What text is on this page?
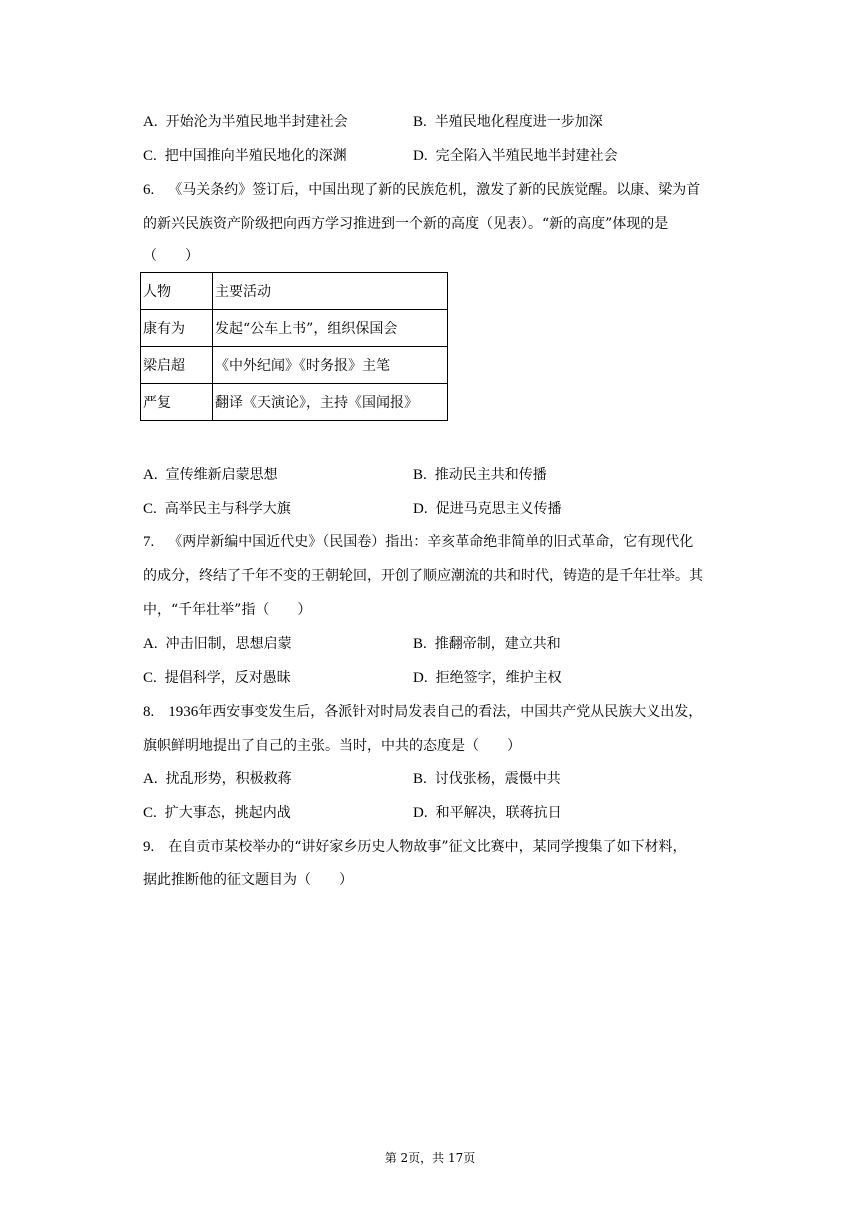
A. 开始沦为半殖民地半封建社会	B. 半殖民地化程度进一步加深
C. 把中国推向半殖民地化的深渊	D. 完全陷入半殖民地半封建社会
6. 《马关条约》签订后，中国出现了新的民族危机，激发了新的民族觉醒。以康、梁为首
的新兴民族资产阶级把向西方学习推进到一个新的高度（见表）。“新的高度”体现的是
（　　）
人物	主要活动
康有为	发起“公车上书”，组织保国会
梁启超	《中外纪闻》《时务报》主笔
严复	翻译《天演论》，主持《国闻报》
A. 宣传维新启蒙思想	B. 推动民主共和传播
C. 高举民主与科学大旗	D. 促进马克思主义传播
7. 《两岸新编中国近代史》（民国卷）指出：辛亥革命绝非简单的旧式革命，它有现代化
的成分，终结了千年不变的王朝轮回，开创了顺应潮流的共和时代，铸造的是千年壮举。其
中，“千年壮举”指（　　）
A. 冲击旧制，思想启蒙	B. 推翻帝制，建立共和
C. 提倡科学，反对愚昧	D. 拒绝签字，维护主权
8. 1936年西安事变发生后，各派针对时局发表自己的看法，中国共产党从民族大义出发，
旗帜鲜明地提出了自己的主张。当时，中共的态度是（　　）
A. 扰乱形势，积极救蒋	B. 讨伐张杨，震慑中共
C. 扩大事态，挑起内战	D. 和平解决，联蒋抗日
9. 在自贡市某校举办的“讲好家乡历史人物故事”征文比赛中，某同学搜集了如下材料，
据此推断他的征文题目为（　　）
第 2页，共 17页
